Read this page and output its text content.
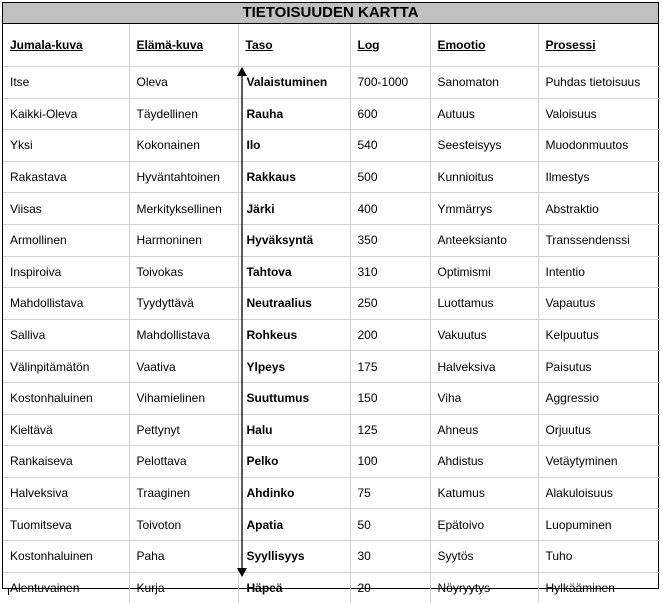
TIETOISUUDEN KARTTA
Jumala-kuva	Elämä-kuva	Taso	Log	Emootio	Prosessi
Itse	Oleva	Valaistuminen	700-1000	Sanomaton	Puhdas tietoisuus
Kaikki-Oleva	Täydellinen	Rauha	600	Autuus	Valoisuus
Yksi	Kokonainen	Ilo	540	Seesteisyys	Muodonmuutos
Rakastava	Hyväntahtoinen	Rakkaus	500	Kunnioitus	Ilmestys
Viisas	Merkityksellinen	Järki	400	Ymmärrys	Abstraktio
Armollinen	Harmoninen	Hyväksyntä	350	Anteeksianto	Transsendenssi
Inspiroiva	Toivokas	Tahtova	310	Optimismi	Intentio
Mahdollistava	Tyydyttävä	Neutraalius	250	Luottamus	Vapautus
Salliva	Mahdollistava	Rohkeus	200	Vakuutus	Kelpuutus
Välinpitämätön	Vaativa	Ylpeys	175	Halveksiva	Paisutus
Kostonhaluinen	Vihamielinen	Suuttumus	150	Viha	Aggressio
Kieltävä	Pettynyt	Halu	125	Ahneus	Orjuutus
Rankaiseva	Pelottava	Pelko	100	Ahdistus	Vetäytyminen
Halveksiva	Traaginen	Ahdinko	75	Katumus	Alakuloisuus
Tuomitseva	Toivoton	Apatia	50	Epätoivo	Luopuminen
Kostonhaluinen	Paha	Syyllisyys	30	Syytös	Tuho
Alentuvainen	Kurja	Häpeä	20	Nöyryytys	Hylkääminen
